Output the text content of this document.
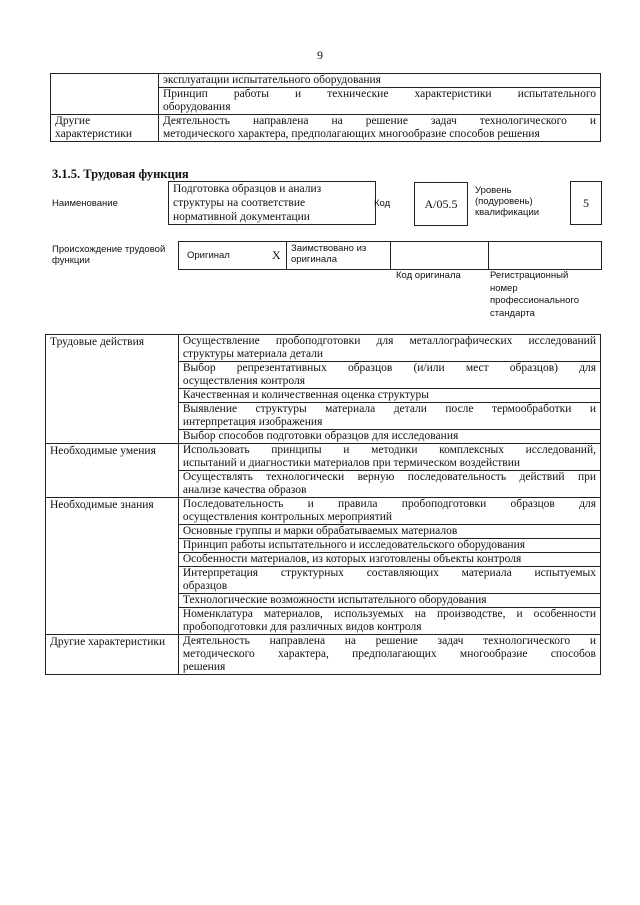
9

	эксплуатации испытательного оборудования

	Принцип работы и технические характеристики испытательного
оборудования

Другие характеристики	Деятельность направлена на решение задач технологического и
методического характера, предполагающих многообразие способов решения
3.1.5. Трудовая функция
Наименование
Подготовка образцов и анализ структуры на соответствие нормативной документации
Код	А/05.5
Уровень (подуровень) квалификации
5
Происхождение трудовой функции	Оригинал	X Заимствовано из оригинала
Код оригинала	Регистрационный номер профессионального стандарта
Трудовые действия	Осуществление пробоподготовки для металлографических исследований
структуры материала детали

	Выбор репрезентативных образцов (и/или мест образцов) для
осуществления контроля

	Качественная и количественная оценка структуры

	Выявление структуры материала детали после термообработки и
интерпретация изображения

	Выбор способов подготовки образцов для исследования

Необходимые умения	Использовать принципы и методики комплексных исследований,
испытаний и диагностики материалов при термическом воздействии

	Осуществлять технологически верную последовательность действий при
анализе качества образов

Необходимые знания	Последовательность и правила пробоподготовки образцов для
осуществления контрольных мероприятий

	Основные группы и марки обрабатываемых материалов

	Принцип работы испытательного и исследовательского оборудования

	Особенности материалов, из которых изготовлены объекты контроля

	Интерпретация структурных составляющих материала испытуемых
образцов

	Технологические возможности испытательного оборудования

	Номенклатура материалов, используемых на производстве, и особенности
пробоподготовки для различных видов контроля

Другие характеристики	Деятельность направлена на решение задач технологического и
методического характера, предполагающих многообразие способов
решения
